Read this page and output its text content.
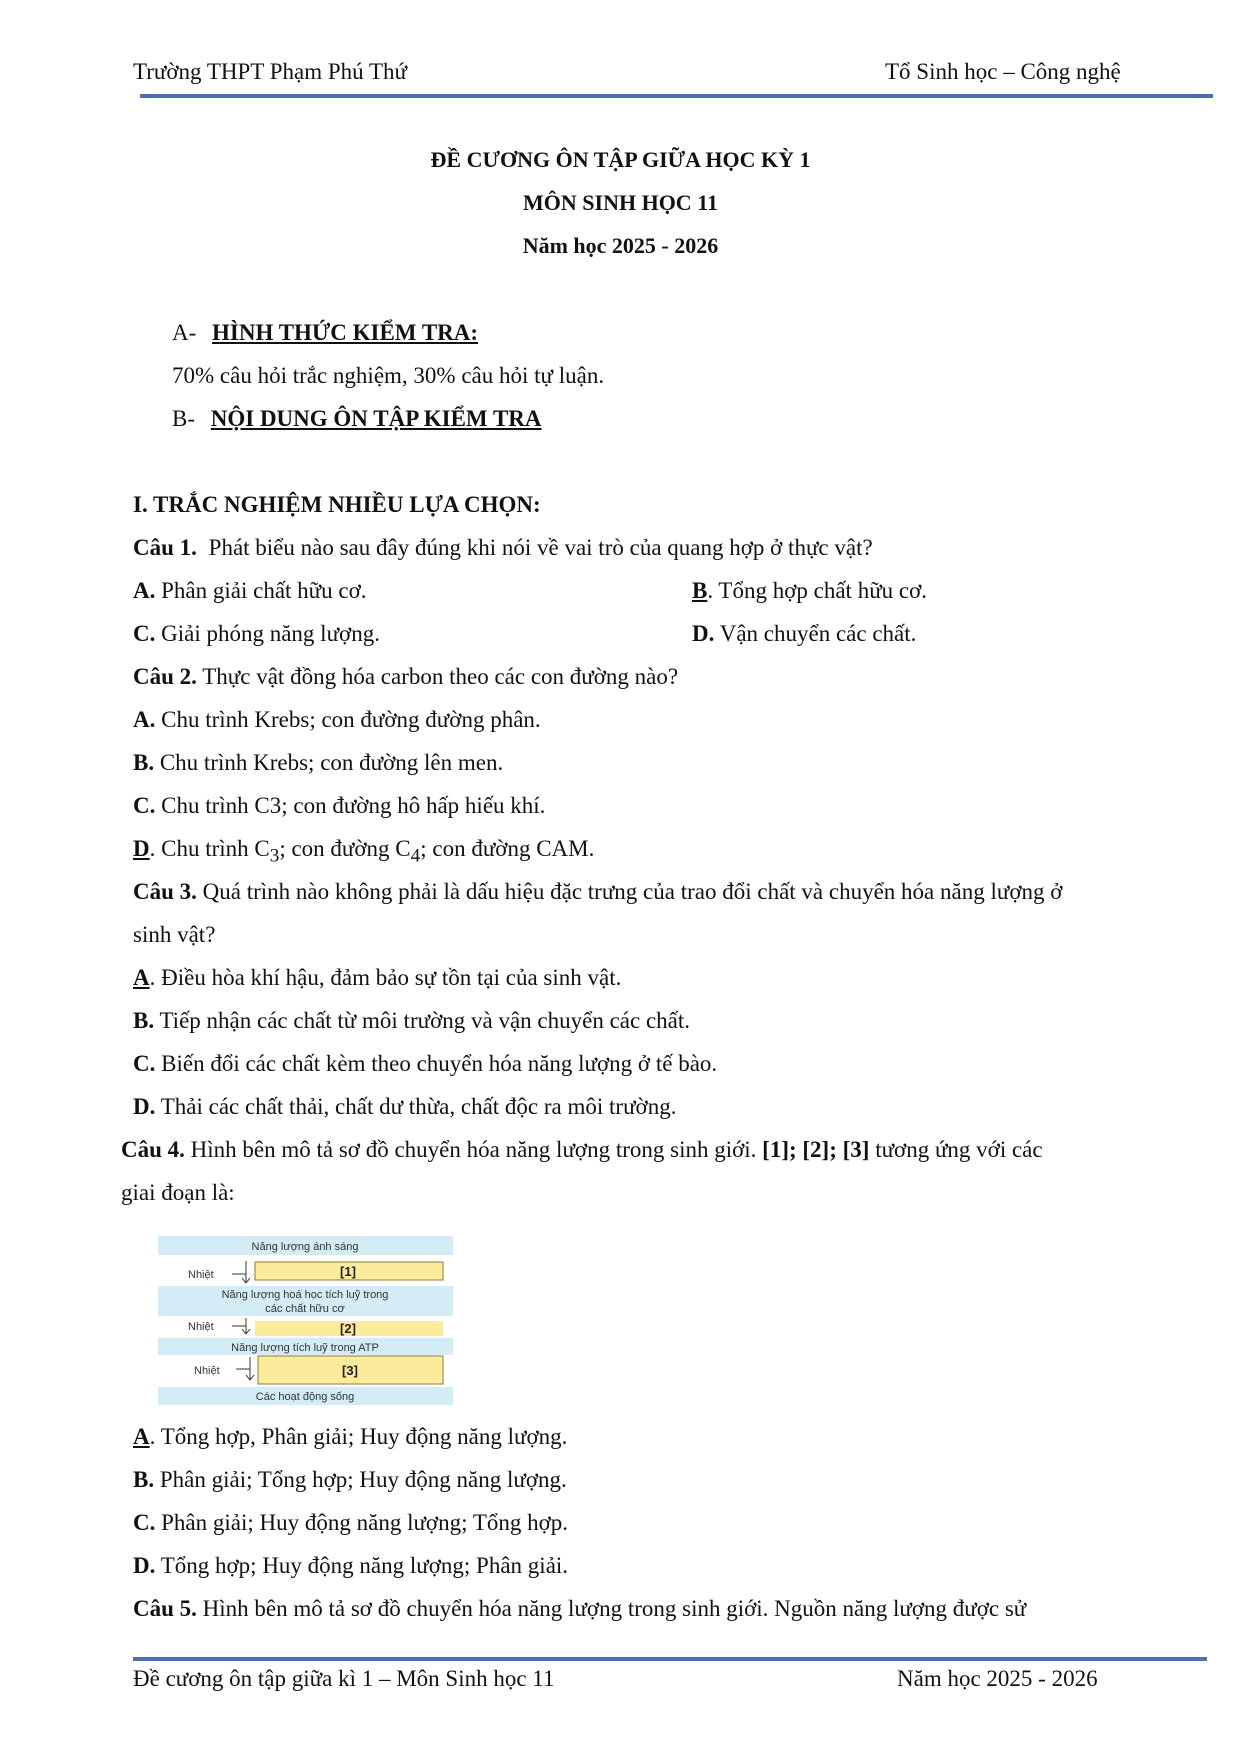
Trường THPT Phạm Phú Thứ	Tổ Sinh học – Công nghệ
ĐỀ CƯƠNG ÔN TẬP GIỮA HỌC KỲ 1
MÔN SINH HỌC 11
Năm học 2025 - 2026
A- HÌNH THỨC KIỂM TRA:
70% câu hỏi trắc nghiệm, 30% câu hỏi tự luận.
B- NỘI DUNG ÔN TẬP KIỂM TRA
I. TRẮC NGHIỆM NHIỀU LỰA CHỌN:
Câu 1. Phát biểu nào sau đây đúng khi nói về vai trò của quang hợp ở thực vật?
A. Phân giải chất hữu cơ.	B. Tổng hợp chất hữu cơ.
C. Giải phóng năng lượng.	D. Vận chuyển các chất.
Câu 2. Thực vật đồng hóa carbon theo các con đường nào?
A. Chu trình Krebs; con đường đường phân.
B. Chu trình Krebs; con đường lên men.
C. Chu trình C3; con đường hô hấp hiếu khí.
D. Chu trình $C_3$; con đường $C_4$; con đường CAM.
Câu 3. Quá trình nào không phải là dấu hiệu đặc trưng của trao đổi chất và chuyển hóa năng lượng ở
sinh vật?
A. Điều hòa khí hậu, đảm bảo sự tồn tại của sinh vật.
B. Tiếp nhận các chất từ môi trường và vận chuyển các chất.
C. Biến đổi các chất kèm theo chuyển hóa năng lượng ở tế bào.
D. Thải các chất thải, chất dư thừa, chất độc ra môi trường.
Câu 4. Hình bên mô tả sơ đồ chuyển hóa năng lượng trong sinh giới. [1]; [2]; [3] tương ứng với các
giai đoạn là:
Năng lượng ánh sáng
Nhiệt	[1]
Năng lượng hoá học tích luỹ trong
các chất hữu cơ
Nhiệt	[2]
Năng lượng tích luỹ trong ATP
Nhiệt	[3]
Các hoạt động sống
A. Tổng hợp, Phân giải; Huy động năng lượng.
B. Phân giải; Tổng hợp; Huy động năng lượng.
C. Phân giải; Huy động năng lượng; Tổng hợp.
D. Tổng hợp; Huy động năng lượng; Phân giải.
Câu 5. Hình bên mô tả sơ đồ chuyển hóa năng lượng trong sinh giới. Nguồn năng lượng được sử
Đề cương ôn tập giữa kì 1 – Môn Sinh học 11	Năm học 2025 - 2026
